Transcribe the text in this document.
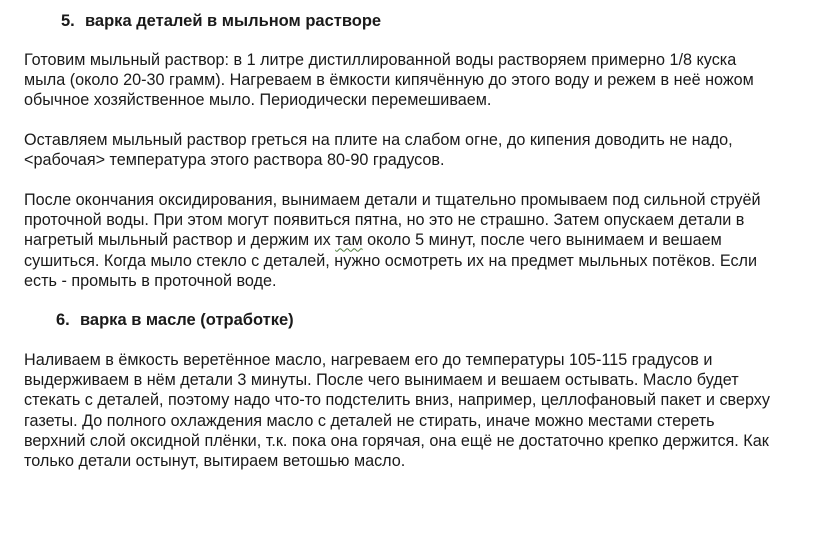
5. варка деталей в мыльном растворе

Готовим мыльный раствор: в 1 литре дистиллированной воды растворяем примерно 1/8 куска
мыла (около 20-30 грамм). Нагреваем в ёмкости кипячённую до этого воду и режем в неё ножом
обычное хозяйственное мыло. Периодически перемешиваем.

Оставляем мыльный раствор греться на плите на слабом огне, до кипения доводить не надо,
<рабочая> температура этого раствора 80-90 градусов.

После окончания оксидирования, вынимаем детали и тщательно промываем под сильной струёй
проточной воды. При этом могут появиться пятна, но это не страшно. Затем опускаем детали в
нагретый мыльный раствор и держим их там около 5 минут, после чего вынимаем и вешаем
сушиться. Когда мыло стекло с деталей, нужно осмотреть их на предмет мыльных потёков. Если
есть - промыть в проточной воде.

6. варка в масле (отработке)

Наливаем в ёмкость веретённое масло, нагреваем его до температуры 105-115 градусов и
выдерживаем в нём детали 3 минуты. После чего вынимаем и вешаем остывать. Масло будет
стекать с деталей, поэтому надо что-то подстелить вниз, например, целлофановый пакет и сверху
газеты. До полного охлаждения масло с деталей не стирать, иначе можно местами стереть
верхний слой оксидной плёнки, т.к. пока она горячая, она ещё не достаточно крепко держится. Как
только детали остынут, вытираем ветошью масло.
